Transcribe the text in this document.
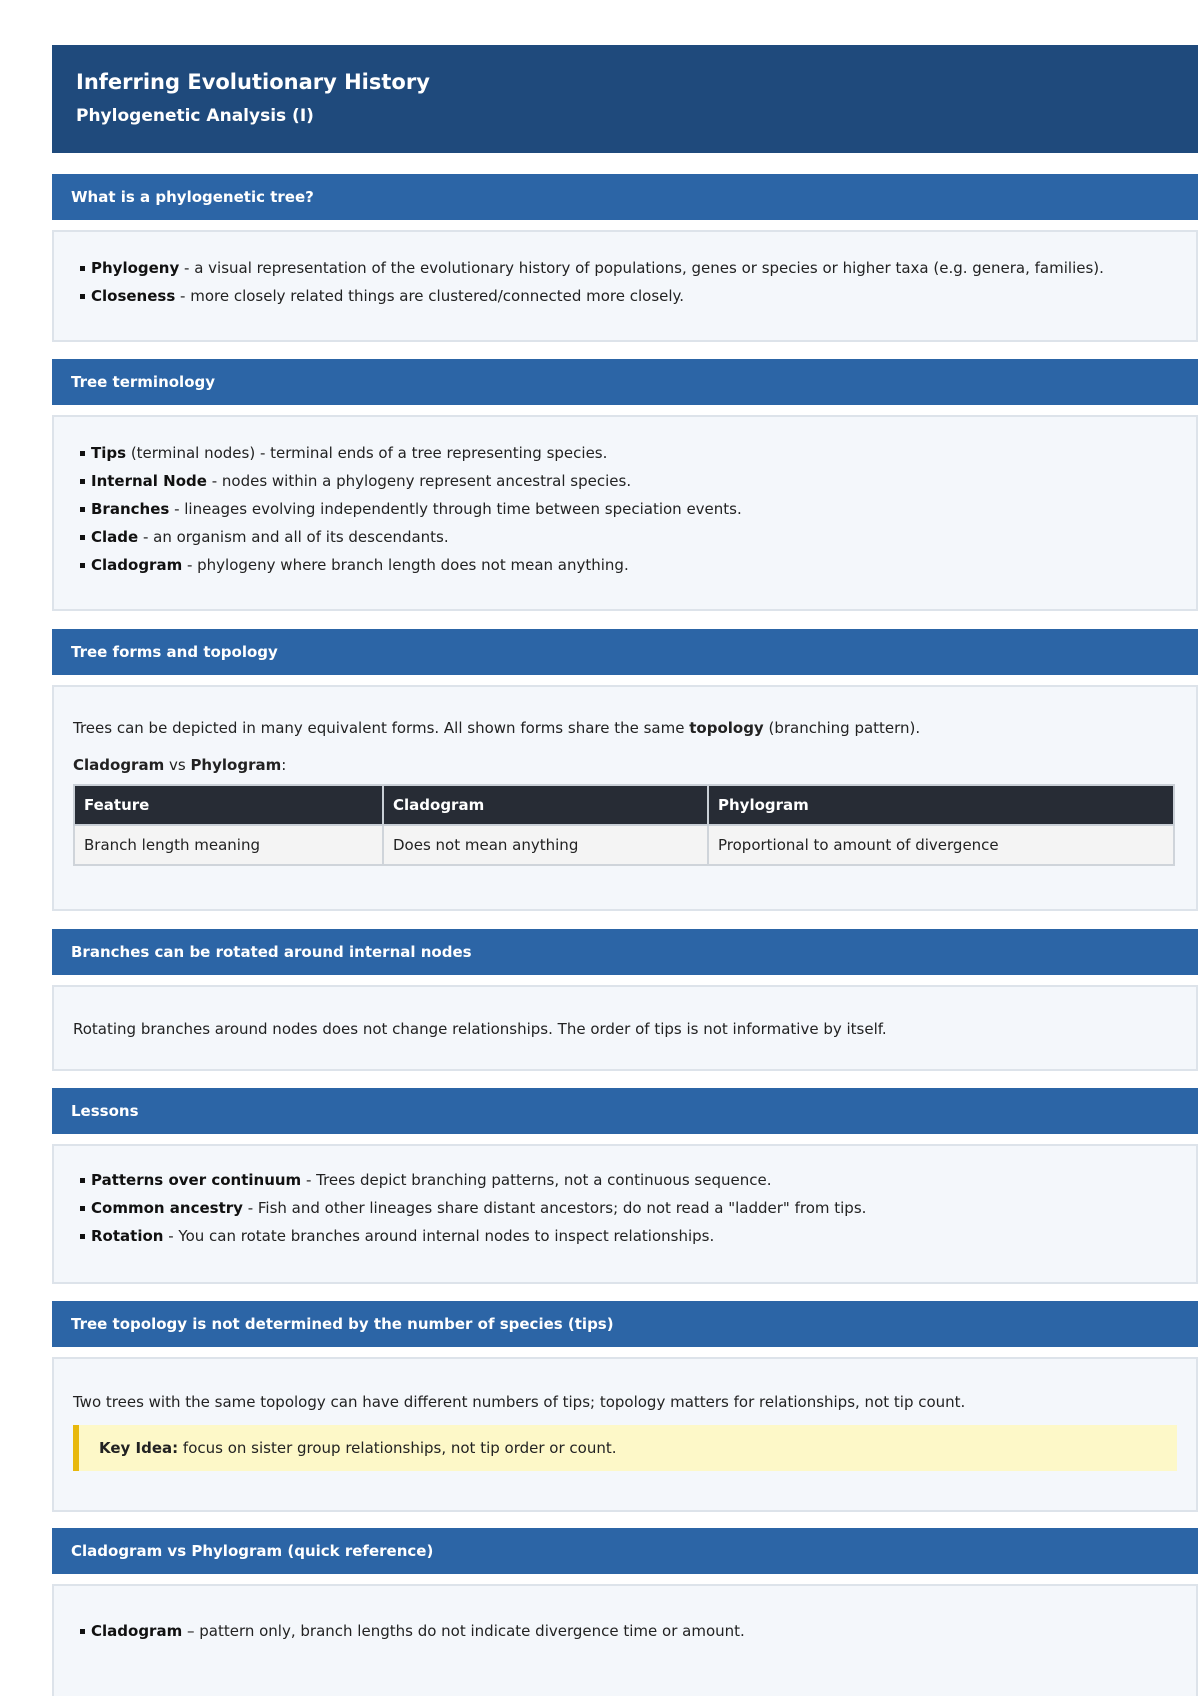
Inferring Evolutionary History
Phylogenetic Analysis (I)
What is a phylogenetic tree?
Phylogeny - a visual representation of the evolutionary history of populations, genes or species or higher taxa (e.g. genera, families).
Closeness - more closely related things are clustered/connected more closely.
Tree terminology
Tips (terminal nodes) - terminal ends of a tree representing species.
Internal Node - nodes within a phylogeny represent ancestral species.
Branches - lineages evolving independently through time between speciation events.
Clade - an organism and all of its descendants.
Cladogram - phylogeny where branch length does not mean anything.
Tree forms and topology
Trees can be depicted in many equivalent forms. All shown forms share the same topology (branching pattern).
Cladogram vs Phylogram:
Feature	Cladogram	Phylogram
Branch length meaning	Does not mean anything	Proportional to amount of divergence
Branches can be rotated around internal nodes
Rotating branches around nodes does not change relationships. The order of tips is not informative by itself.
Lessons
Patterns over continuum - Trees depict branching patterns, not a continuous sequence.
Common ancestry - Fish and other lineages share distant ancestors; do not read a "ladder" from tips.
Rotation - You can rotate branches around internal nodes to inspect relationships.
Tree topology is not determined by the number of species (tips)
Two trees with the same topology can have different numbers of tips; topology matters for relationships, not tip count.
Key Idea: focus on sister group relationships, not tip order or count.
Cladogram vs Phylogram (quick reference)
Cladogram – pattern only, branch lengths do not indicate divergence time or amount.
